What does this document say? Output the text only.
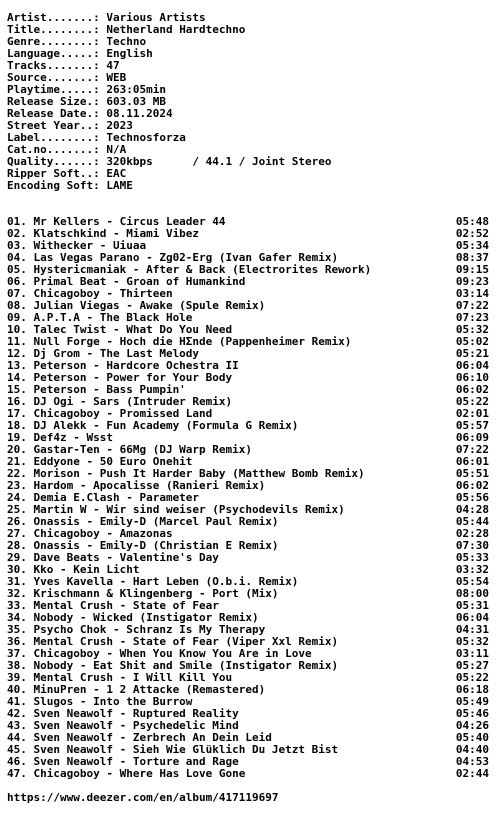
Artist.......: Various Artists
Title........: Netherland Hardtechno
Genre........: Techno
Language.....: English
Tracks.......: 47
Source.......: WEB
Playtime.....: 263:05min
Release Size.: 603.03 MB
Release Date.: 08.11.2024
Street Year..: 2023
Label........: Technosforza
Cat.no.......: N/A
Quality......: 320kbps      / 44.1 / Joint Stereo
Ripper Soft..: EAC
Encoding Soft: LAME
01. Mr Kellers - Circus Leader 44	05:48
02. Klatschkind - Miami Vibez	02:52
03. Withecker - Uiuaa	05:34
04. Las Vegas Parano - Zg02-Erg (Ivan Gafer Remix)	08:37
05. Hystericmaniak - After & Back (Electrorites Rework)	09:15
06. Primal Beat - Groan of Humankind	09:23
07. Chicagoboy - Thirteen	03:14
08. Julian Viegas - Awake (Spule Remix)	07:22
09. A.P.T.A - The Black Hole	07:23
10. Talec Twist - What Do You Need	05:32
11. Null Forge - Hoch die HΣnde (Pappenheimer Remix)	05:02
12. Dj Grom - The Last Melody	05:21
13. Peterson - Hardcore Ochestra II	06:04
14. Peterson - Power for Your Body	06:10
15. Peterson - Bass Pumpin'	06:02
16. DJ Ogi - Sars (Intruder Remix)	05:22
17. Chicagoboy - Promissed Land	02:01
18. DJ Alekk - Fun Academy (Formula G Remix)	05:57
19. Def4z - Wsst	06:09
20. Gastar-Ten - 66Mg (DJ Warp Remix)	07:22
21. Eddyone - 50 Euro Onehit	06:01
22. Morison - Push It Harder Baby (Matthew Bomb Remix)	05:51
23. Hardom - Apocalisse (Ranieri Remix)	06:02
24. Demia E.Clash - Parameter	05:56
25. Martin W - Wir sind weiser (Psychodevils Remix)	04:28
26. Onassis - Emily-D (Marcel Paul Remix)	05:44
27. Chicagoboy - Amazonas	02:28
28. Onassis - Emily-D (Christian E Remix)	07:30
29. Dave Beats - Valentine's Day	05:33
30. Kko - Kein Licht	03:32
31. Yves Kavella - Hart Leben (O.b.i. Remix)	05:54
32. Krischmann & Klingenberg - Port (Mix)	08:00
33. Mental Crush - State of Fear	05:31
34. Nobody - Wicked (Instigator Remix)	06:04
35. Psycho Chok - Schranz Is My Therapy	04:31
36. Mental Crush - State of Fear (Viper Xxl Remix)	05:32
37. Chicagoboy - When You Know You Are in Love	03:11
38. Nobody - Eat Shit and Smile (Instigator Remix)	05:27
39. Mental Crush - I Will Kill You	05:22
40. MinuPren - 1 2 Attacke (Remastered)	06:18
41. Slugos - Into the Burrow	05:49
42. Sven Neawolf - Ruptured Reality	05:46
43. Sven Neawolf - Psychedelic Mind	04:26
44. Sven Neawolf - Zerbrech An Dein Leid	05:40
45. Sven Neawolf - Sieh Wie Glüklich Du Jetzt Bist	04:40
46. Sven Neawolf - Torture and Rage	04:53
47. Chicagoboy - Where Has Love Gone	02:44
https://www.deezer.com/en/album/417119697
